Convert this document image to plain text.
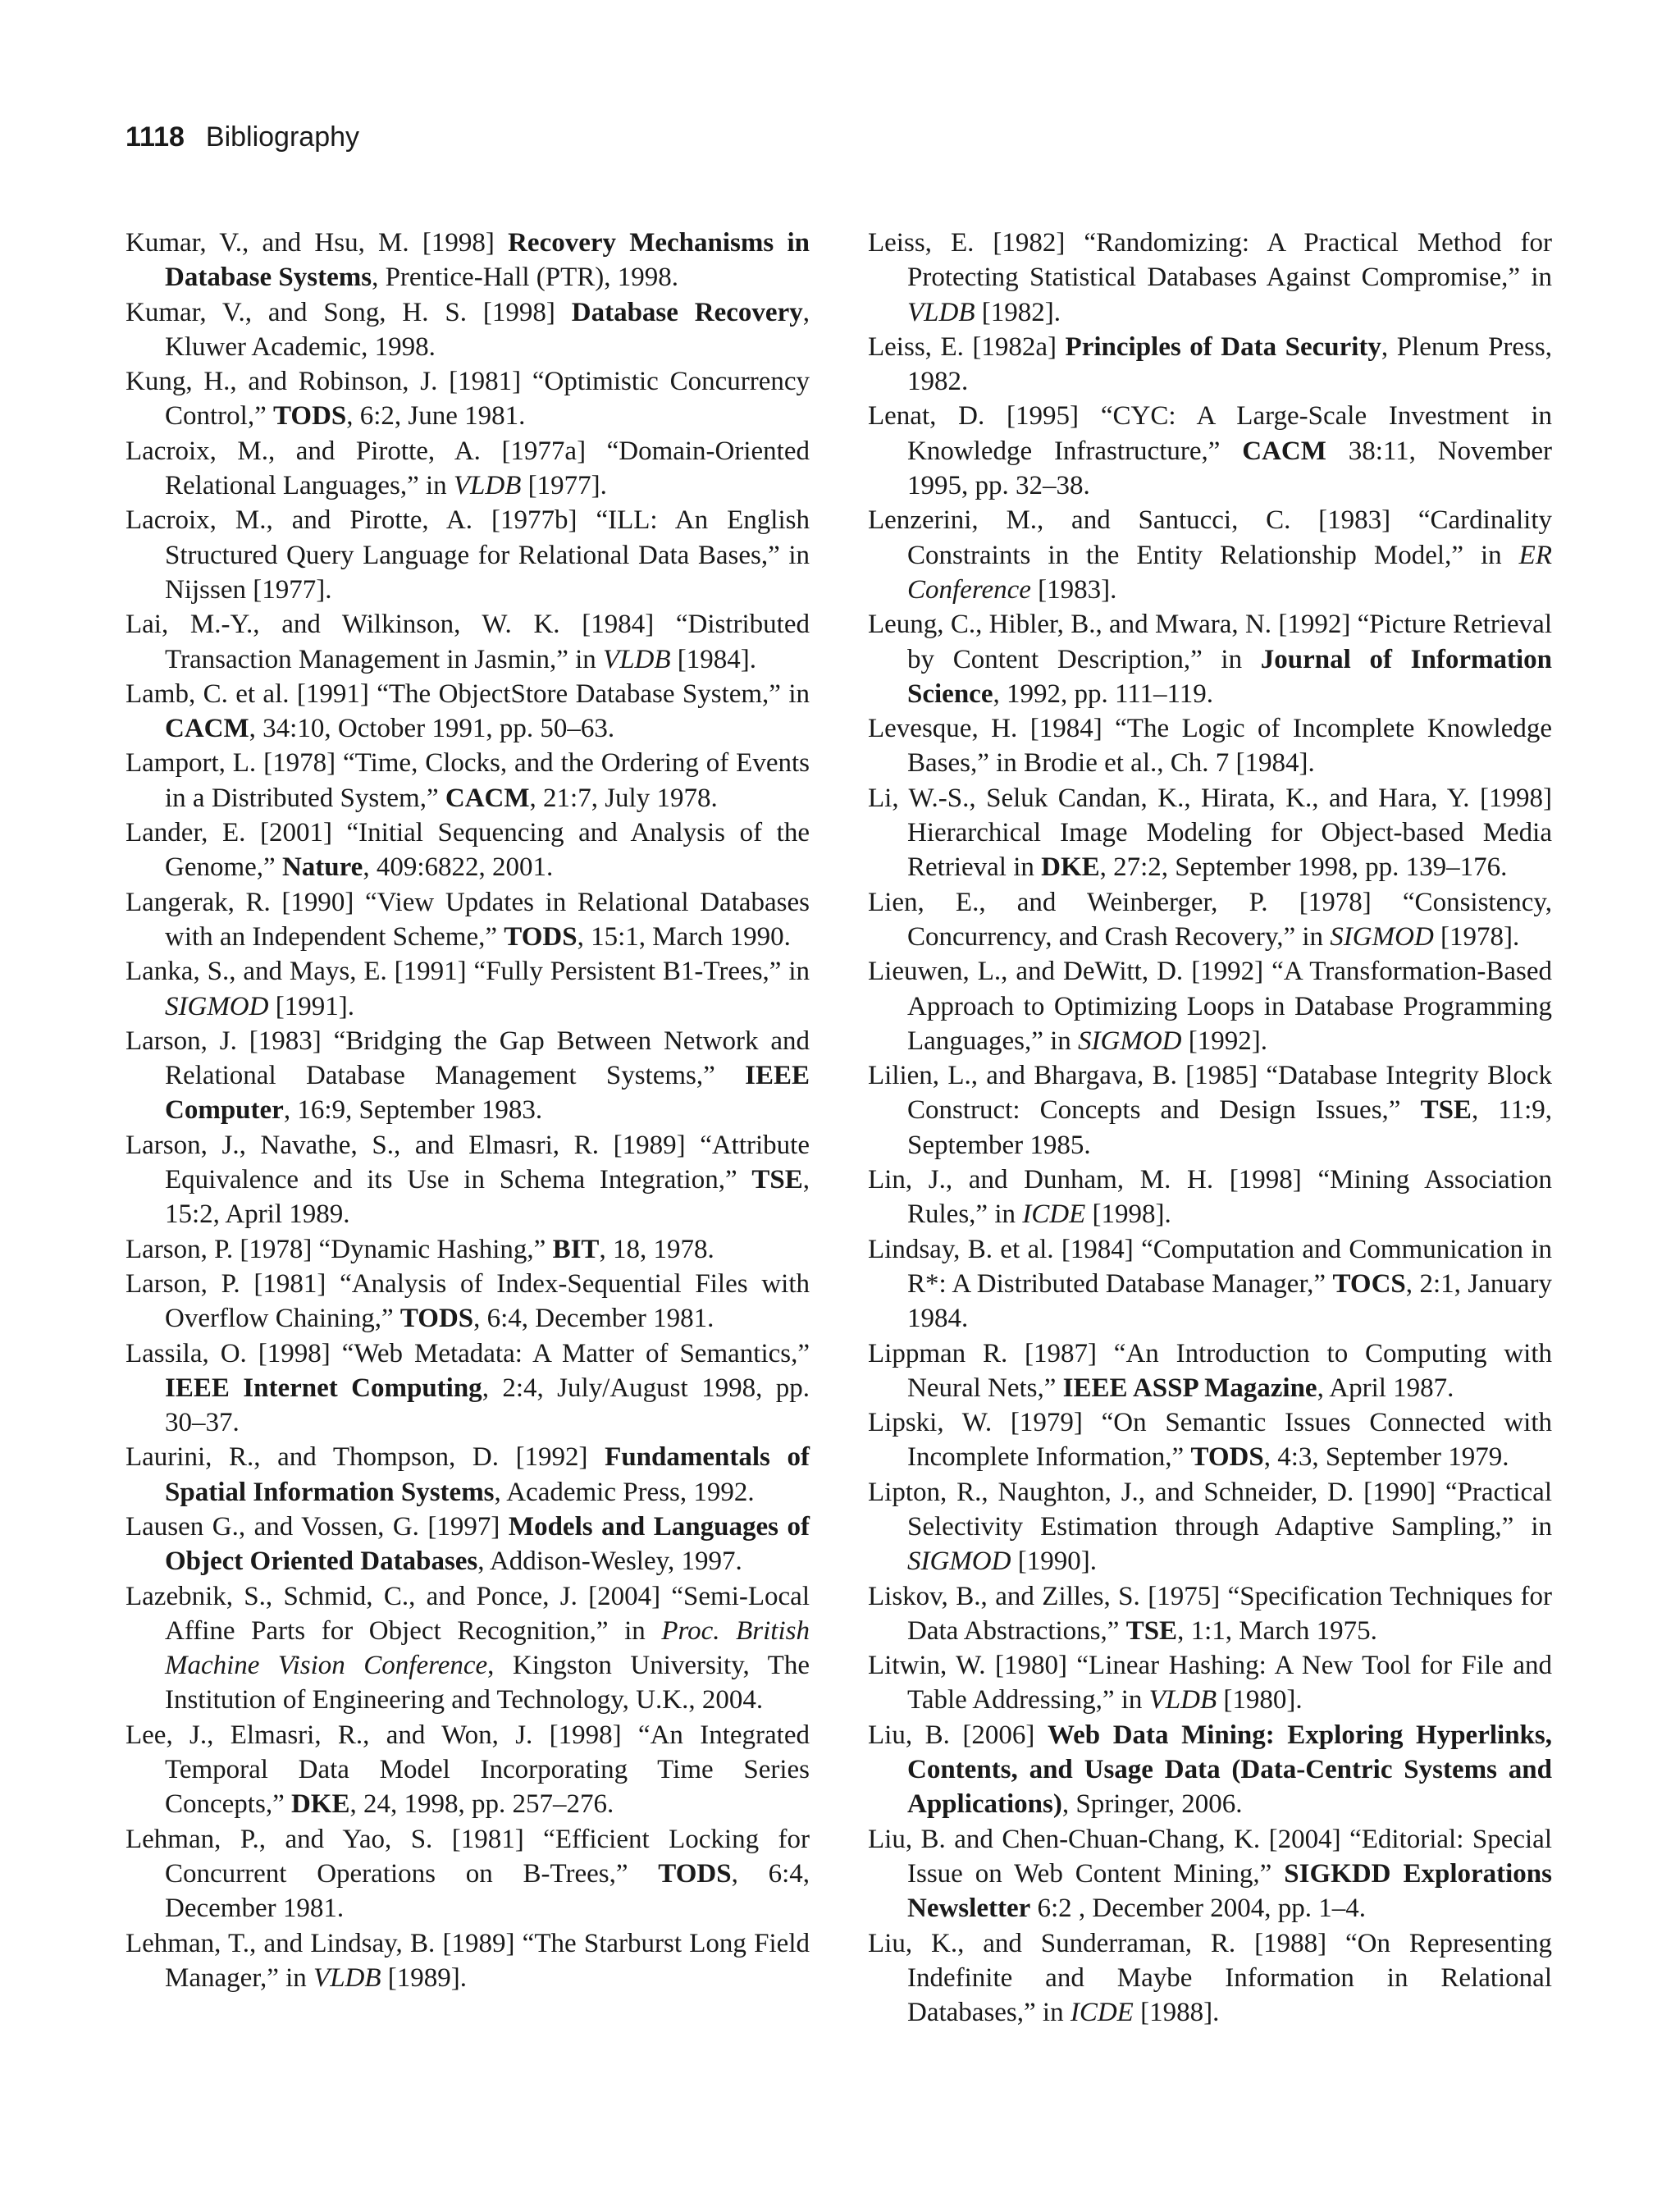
1118 Bibliography
Kumar, V., and Hsu, M. [1998] Recovery Mechanisms in Database Systems, Prentice-Hall (PTR), 1998.
Kumar, V., and Song, H. S. [1998] Database Recovery, Kluwer Academic, 1998.
Kung, H., and Robinson, J. [1981] “Optimistic Concurrency Control,” TODS, 6:2, June 1981.
Lacroix, M., and Pirotte, A. [1977a] “Domain-Oriented Relational Languages,” in VLDB [1977].
Lacroix, M., and Pirotte, A. [1977b] “ILL: An English Structured Query Language for Relational Data Bases,” in Nijssen [1977].
Lai, M.-Y., and Wilkinson, W. K. [1984] “Distributed Transaction Management in Jasmin,” in VLDB [1984].
Lamb, C. et al. [1991] “The ObjectStore Database System,” in CACM, 34:10, October 1991, pp. 50–63.
Lamport, L. [1978] “Time, Clocks, and the Ordering of Events in a Distributed System,” CACM, 21:7, July 1978.
Lander, E. [2001] “Initial Sequencing and Analysis of the Genome,” Nature, 409:6822, 2001.
Langerak, R. [1990] “View Updates in Relational Databases with an Independent Scheme,” TODS, 15:1, March 1990.
Lanka, S., and Mays, E. [1991] “Fully Persistent B1-Trees,” in SIGMOD [1991].
Larson, J. [1983] “Bridging the Gap Between Network and Relational Database Management Systems,” IEEE Computer, 16:9, September 1983.
Larson, J., Navathe, S., and Elmasri, R. [1989] “Attribute Equivalence and its Use in Schema Integration,” TSE, 15:2, April 1989.
Larson, P. [1978] “Dynamic Hashing,” BIT, 18, 1978.
Larson, P. [1981] “Analysis of Index-Sequential Files with Overflow Chaining,” TODS, 6:4, December 1981.
Lassila, O. [1998] “Web Metadata: A Matter of Semantics,” IEEE Internet Computing, 2:4, July/August 1998, pp. 30–37.
Laurini, R., and Thompson, D. [1992] Fundamentals of Spatial Information Systems, Academic Press, 1992.
Lausen G., and Vossen, G. [1997] Models and Languages of Object Oriented Databases, Addison-Wesley, 1997.
Lazebnik, S., Schmid, C., and Ponce, J. [2004] “Semi-Local Affine Parts for Object Recognition,” in Proc. British Machine Vision Conference, Kingston University, The Institution of Engineering and Technology, U.K., 2004.
Lee, J., Elmasri, R., and Won, J. [1998] “An Integrated Temporal Data Model Incorporating Time Series Concepts,” DKE, 24, 1998, pp. 257–276.
Lehman, P., and Yao, S. [1981] “Efficient Locking for Concurrent Operations on B-Trees,” TODS, 6:4, December 1981.
Lehman, T., and Lindsay, B. [1989] “The Starburst Long Field Manager,” in VLDB [1989].
Leiss, E. [1982] “Randomizing: A Practical Method for Protecting Statistical Databases Against Compromise,” in VLDB [1982].
Leiss, E. [1982a] Principles of Data Security, Plenum Press, 1982.
Lenat, D. [1995] “CYC: A Large-Scale Investment in Knowledge Infrastructure,” CACM 38:11, November 1995, pp. 32–38.
Lenzerini, M., and Santucci, C. [1983] “Cardinality Constraints in the Entity Relationship Model,” in ER Conference [1983].
Leung, C., Hibler, B., and Mwara, N. [1992] “Picture Retrieval by Content Description,” in Journal of Information Science, 1992, pp. 111–119.
Levesque, H. [1984] “The Logic of Incomplete Knowledge Bases,” in Brodie et al., Ch. 7 [1984].
Li, W.-S., Seluk Candan, K., Hirata, K., and Hara, Y. [1998] Hierarchical Image Modeling for Object-based Media Retrieval in DKE, 27:2, September 1998, pp. 139–176.
Lien, E., and Weinberger, P. [1978] “Consistency, Concurrency, and Crash Recovery,” in SIGMOD [1978].
Lieuwen, L., and DeWitt, D. [1992] “A Transformation-Based Approach to Optimizing Loops in Database Programming Languages,” in SIGMOD [1992].
Lilien, L., and Bhargava, B. [1985] “Database Integrity Block Construct: Concepts and Design Issues,” TSE, 11:9, September 1985.
Lin, J., and Dunham, M. H. [1998] “Mining Association Rules,” in ICDE [1998].
Lindsay, B. et al. [1984] “Computation and Communication in R*: A Distributed Database Manager,” TOCS, 2:1, January 1984.
Lippman R. [1987] “An Introduction to Computing with Neural Nets,” IEEE ASSP Magazine, April 1987.
Lipski, W. [1979] “On Semantic Issues Connected with Incomplete Information,” TODS, 4:3, September 1979.
Lipton, R., Naughton, J., and Schneider, D. [1990] “Practical Selectivity Estimation through Adaptive Sampling,” in SIGMOD [1990].
Liskov, B., and Zilles, S. [1975] “Specification Techniques for Data Abstractions,” TSE, 1:1, March 1975.
Litwin, W. [1980] “Linear Hashing: A New Tool for File and Table Addressing,” in VLDB [1980].
Liu, B. [2006] Web Data Mining: Exploring Hyperlinks, Contents, and Usage Data (Data-Centric Systems and Applications), Springer, 2006.
Liu, B. and Chen-Chuan-Chang, K. [2004] “Editorial: Special Issue on Web Content Mining,” SIGKDD Explorations Newsletter 6:2 , December 2004, pp. 1–4.
Liu, K., and Sunderraman, R. [1988] “On Representing Indefinite and Maybe Information in Relational Databases,” in ICDE [1988].
